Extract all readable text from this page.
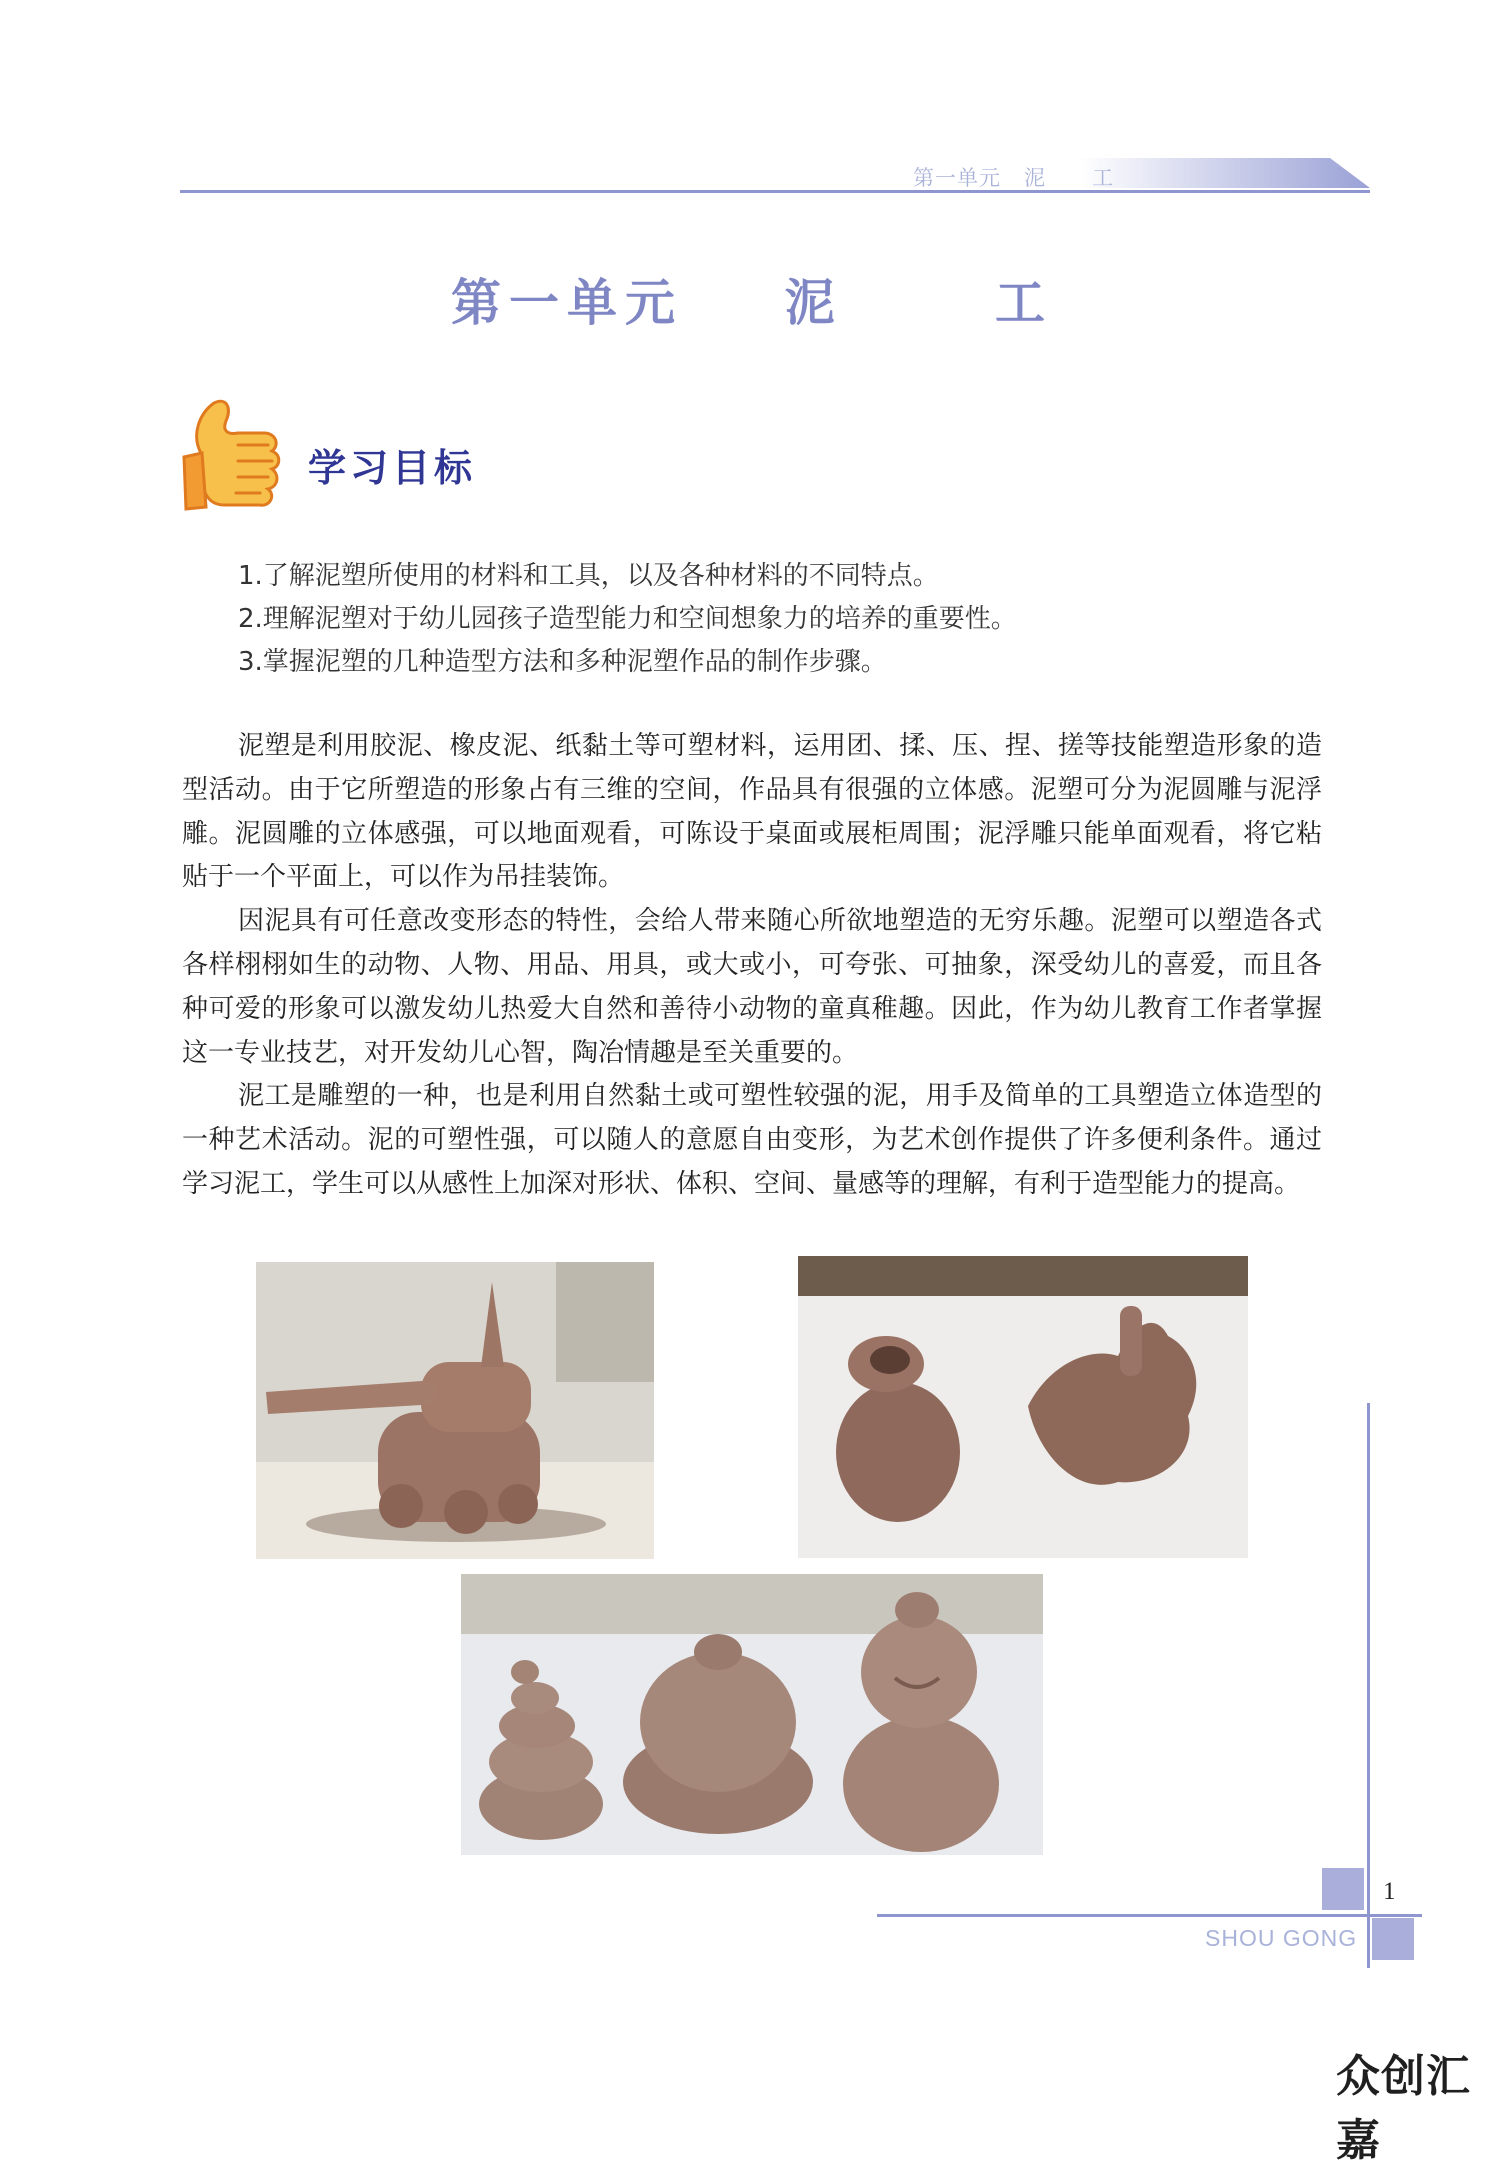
第一单元   泥      工
第一单元    泥      工
学习目标
1.了解泥塑所使用的材料和工具，以及各种材料的不同特点。
2.理解泥塑对于幼儿园孩子造型能力和空间想象力的培养的重要性。
3.掌握泥塑的几种造型方法和多种泥塑作品的制作步骤。

泥塑是利用胶泥、橡皮泥、纸黏土等可塑材料，运用团、揉、压、捏、搓等技能塑造形象的造型活动。由于它所塑造的形象占有三维的空间，作品具有很强的立体感。泥塑可分为泥圆雕与泥浮雕。泥圆雕的立体感强，可以地面观看，可陈设于桌面或展柜周围；泥浮雕只能单面观看，将它粘贴于一个平面上，可以作为吊挂装饰。

因泥具有可任意改变形态的特性，会给人带来随心所欲地塑造的无穷乐趣。泥塑可以塑造各式各样栩栩如生的动物、人物、用品、用具，或大或小，可夸张、可抽象，深受幼儿的喜爱，而且各种可爱的形象可以激发幼儿热爱大自然和善待小动物的童真稚趣。因此，作为幼儿教育工作者掌握这一专业技艺，对开发幼儿心智，陶冶情趣是至关重要的。

泥工是雕塑的一种，也是利用自然黏土或可塑性较强的泥，用手及简单的工具塑造立体造型的一种艺术活动。泥的可塑性强，可以随人的意愿自由变形，为艺术创作提供了许多便利条件。通过学习泥工，学生可以从感性上加深对形状、体积、空间、量感等的理解，有利于造型能力的提高。

1
SHOU GONG
众创汇嘉
